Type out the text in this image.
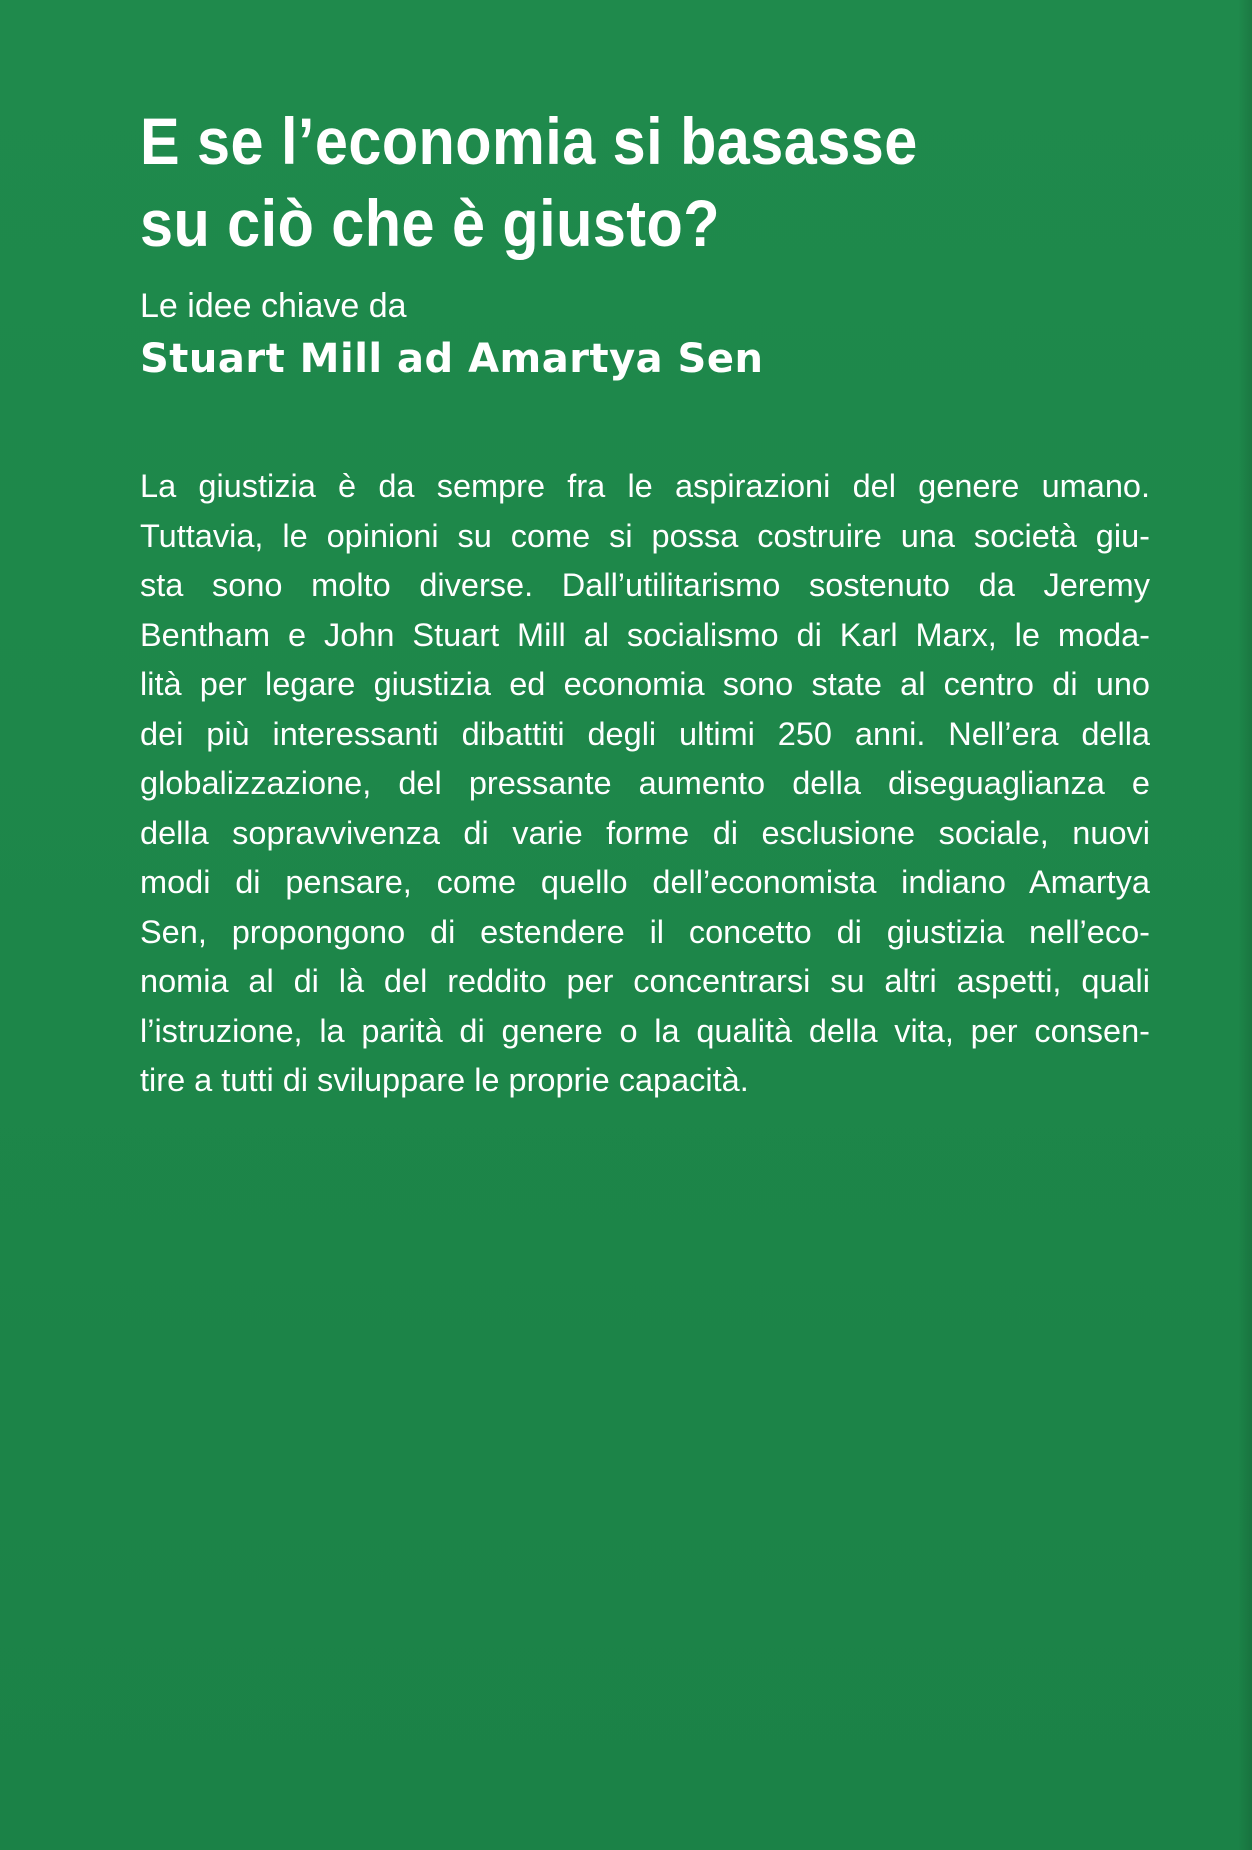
E se l’economia si basasse
su ciò che è giusto?

Le idee chiave da

Stuart Mill ad Amartya Sen

La giustizia è da sempre fra le aspirazioni del genere umano.
Tuttavia, le opinioni su come si possa costruire una società giu-
sta sono molto diverse. Dall’utilitarismo sostenuto da Jeremy
Bentham e John Stuart Mill al socialismo di Karl Marx, le moda-
lità per legare giustizia ed economia sono state al centro di uno
dei più interessanti dibattiti degli ultimi 250 anni. Nell’era della
globalizzazione, del pressante aumento della diseguaglianza e
della sopravvivenza di varie forme di esclusione sociale, nuovi
modi di pensare, come quello dell’economista indiano Amartya
Sen, propongono di estendere il concetto di giustizia nell’eco-
nomia al di là del reddito per concentrarsi su altri aspetti, quali
l’istruzione, la parità di genere o la qualità della vita, per consen-
tire a tutti di sviluppare le proprie capacità.
